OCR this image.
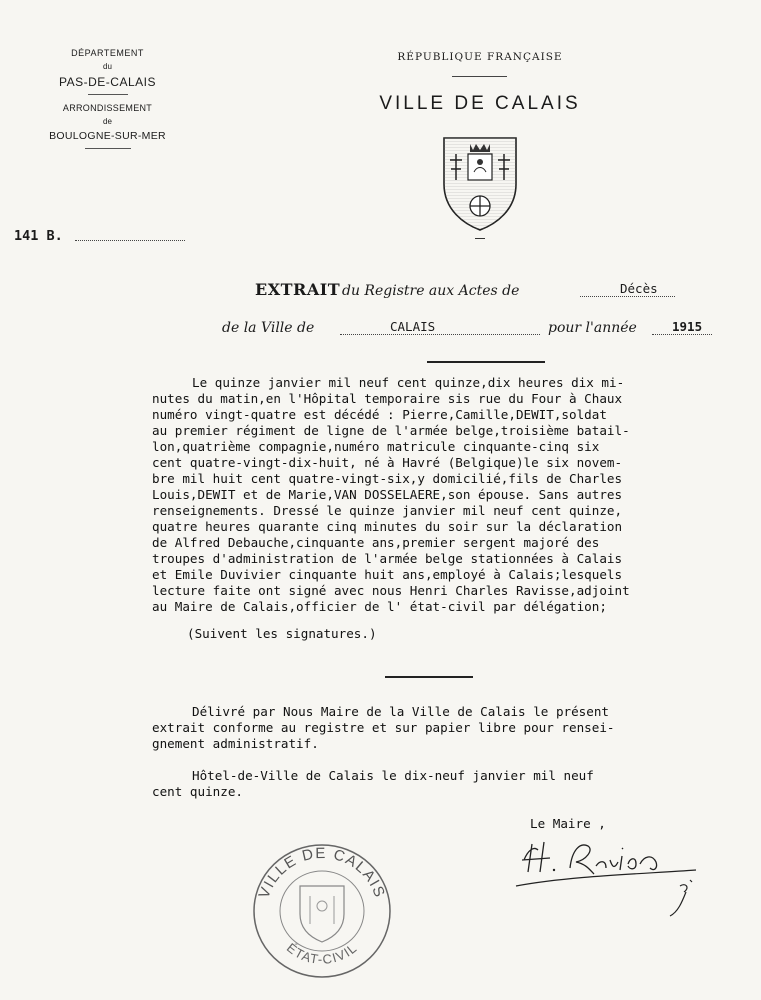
DÉPARTEMENT
du
PAS-DE-CALAIS
ARRONDISSEMENT
de
BOULOGNE-SUR-MER
141 B.
RÉPUBLIQUE FRANÇAISE
VILLE DE CALAIS
EXTRAIT du Registre aux Actes de	Décès
de la Ville de	CALAIS	pour l'année	1915
Le quinze janvier mil neuf cent quinze,dix heures dix mi-
nutes du matin,en l'Hôpital temporaire sis rue du Four à Chaux
numéro vingt-quatre est décédé : Pierre,Camille,DEWIT,soldat
au premier régiment de ligne de l'armée belge,troisième batail-
lon,quatrième compagnie,numéro matricule cinquante-cinq six
cent quatre-vingt-dix-huit, né à Havré (Belgique)le six novem-
bre mil huit cent quatre-vingt-six,y domicilié,fils de Charles
Louis,DEWIT et de Marie,VAN DOSSELAERE,son épouse. Sans autres
renseignements. Dressé le quinze janvier mil neuf cent quinze,
quatre heures quarante cinq minutes du soir sur la déclaration
de Alfred Debauche,cinquante ans,premier sergent majoré des
troupes d'administration de l'armée belge stationnées à Calais
et Emile Duvivier cinquante huit ans,employé à Calais;lesquels
lecture faite ont signé avec nous Henri Charles Ravisse,adjoint
au Maire de Calais,officier de l' état-civil par délégation;
(Suivent les signatures.)
Délivré par Nous Maire de la Ville de Calais le présent
extrait conforme au registre et sur papier libre pour rensei-
gnement administratif.
Hôtel-de-Ville de Calais le dix-neuf janvier mil neuf
cent quinze.
Le Maire ,
VILLE DE CALAIS
ÉTAT-CIVIL
